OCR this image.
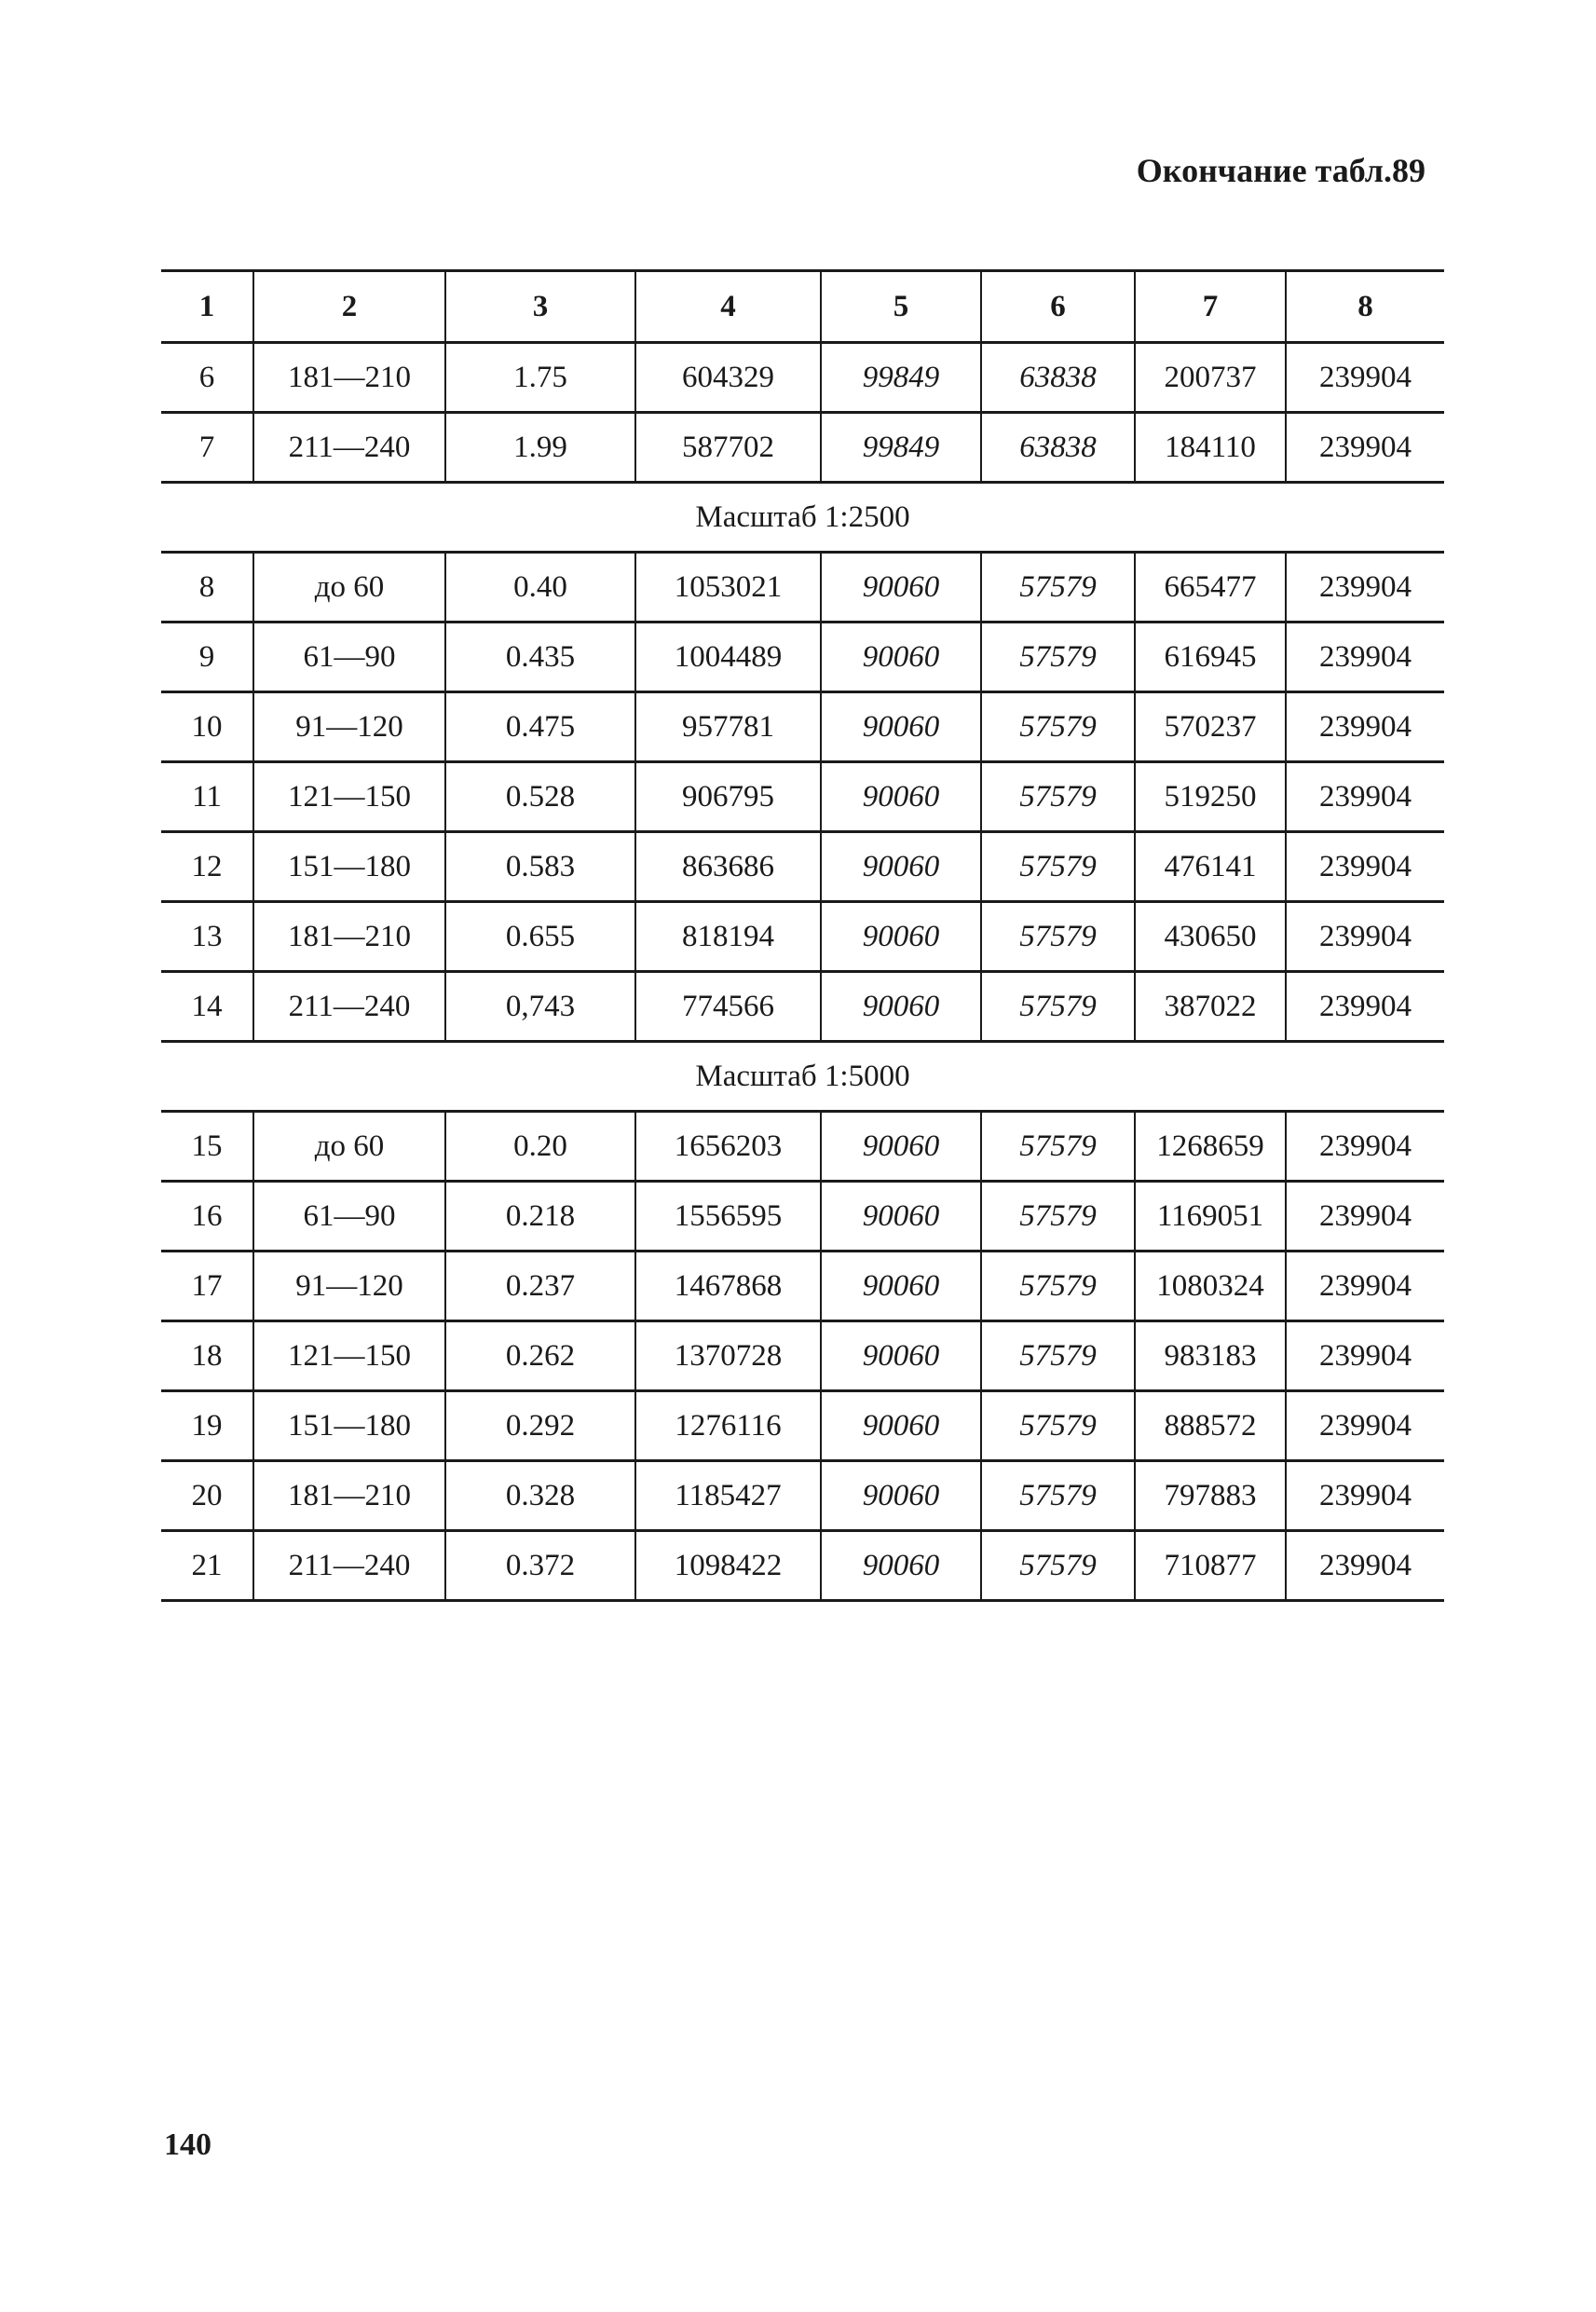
Окончание табл.89
1	2	3	4	5	6	7	8
6	181—210	1.75	604329	99849	63838	200737	239904
7	211—240	1.99	587702	99849	63838	184110	239904
Масштаб 1:2500							
8	до 60	0.40	1053021	90060	57579	665477	239904
9	61—90	0.435	1004489	90060	57579	616945	239904
10	91—120	0.475	957781	90060	57579	570237	239904
11	121—150	0.528	906795	90060	57579	519250	239904
12	151—180	0.583	863686	90060	57579	476141	239904
13	181—210	0.655	818194	90060	57579	430650	239904
14	211—240	0,743	774566	90060	57579	387022	239904
Масштаб 1:5000							
15	до 60	0.20	1656203	90060	57579	1268659	239904
16	61—90	0.218	1556595	90060	57579	1169051	239904
17	91—120	0.237	1467868	90060	57579	1080324	239904
18	121—150	0.262	1370728	90060	57579	983183	239904
19	151—180	0.292	1276116	90060	57579	888572	239904
20	181—210	0.328	1185427	90060	57579	797883	239904
21	211—240	0.372	1098422	90060	57579	710877	239904
140
